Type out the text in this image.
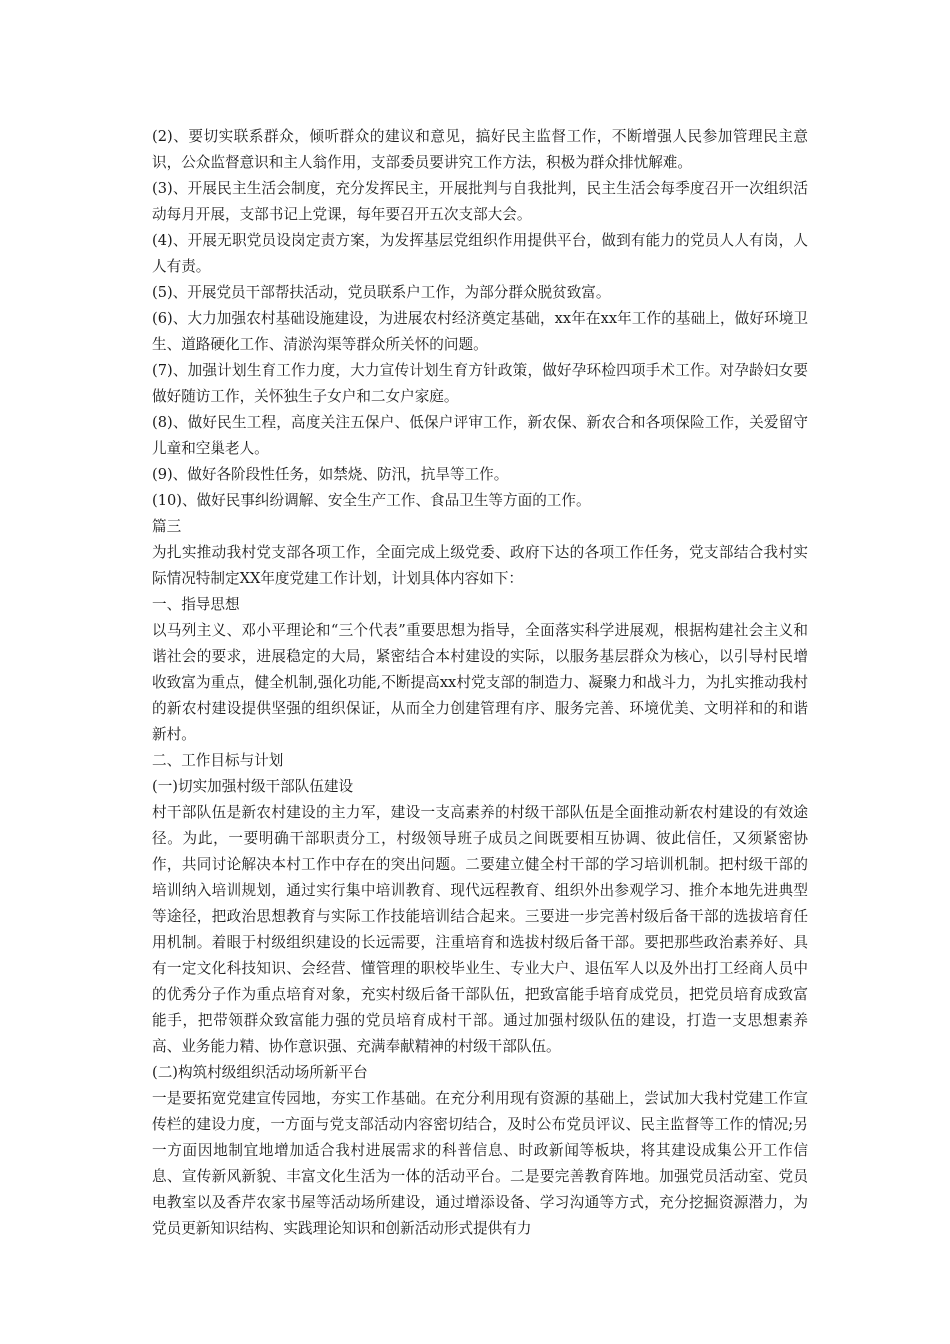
(2)、要切实联系群众，倾听群众的建议和意见，搞好民主监督工作，不断增强人民参加管理民主意识，公众监督意识和主人翁作用，支部委员要讲究工作方法，积极为群众排忧解难。

(3)、开展民主生活会制度，充分发挥民主，开展批判与自我批判，民主生活会每季度召开一次组织活动每月开展，支部书记上党课，每年要召开五次支部大会。

(4)、开展无职党员设岗定责方案，为发挥基层党组织作用提供平台，做到有能力的党员人人有岗，人人有责。

(5)、开展党员干部帮扶活动，党员联系户工作，为部分群众脱贫致富。

(6)、大力加强农村基础设施建设，为进展农村经济奠定基础，xx年在xx年工作的基础上，做好环境卫生、道路硬化工作、清淤沟渠等群众所关怀的问题。

(7)、加强计划生育工作力度，大力宣传计划生育方针政策，做好孕环检四项手术工作。对孕龄妇女要做好随访工作，关怀独生子女户和二女户家庭。

(8)、做好民生工程，高度关注五保户、低保户评审工作，新农保、新农合和各项保险工作，关爱留守儿童和空巢老人。

(9)、做好各阶段性任务，如禁烧、防汛，抗旱等工作。

(10)、做好民事纠纷调解、安全生产工作、食品卫生等方面的工作。

篇三

为扎实推动我村党支部各项工作，全面完成上级党委、政府下达的各项工作任务，党支部结合我村实际情况特制定XX年度党建工作计划，计划具体内容如下：

一、指导思想

以马列主义、邓小平理论和“三个代表”重要思想为指导，全面落实科学进展观，根据构建社会主义和谐社会的要求，进展稳定的大局，紧密结合本村建设的实际，以服务基层群众为核心，以引导村民增收致富为重点，健全机制,强化功能,不断提高xx村党支部的制造力、凝聚力和战斗力，为扎实推动我村的新农村建设提供坚强的组织保证，从而全力创建管理有序、服务完善、环境优美、文明祥和的和谐新村。

二、工作目标与计划

(一)切实加强村级干部队伍建设

村干部队伍是新农村建设的主力军，建设一支高素养的村级干部队伍是全面推动新农村建设的有效途径。为此，一要明确干部职责分工，村级领导班子成员之间既要相互协调、彼此信任，又须紧密协作，共同讨论解决本村工作中存在的突出问题。二要建立健全村干部的学习培训机制。把村级干部的培训纳入培训规划，通过实行集中培训教育、现代远程教育、组织外出参观学习、推介本地先进典型等途径，把政治思想教育与实际工作技能培训结合起来。三要进一步完善村级后备干部的选拔培育任用机制。着眼于村级组织建设的长远需要，注重培育和选拔村级后备干部。要把那些政治素养好、具有一定文化科技知识、会经营、懂管理的职校毕业生、专业大户、退伍军人以及外出打工经商人员中的优秀分子作为重点培育对象，充实村级后备干部队伍，把致富能手培育成党员，把党员培育成致富能手，把带领群众致富能力强的党员培育成村干部。通过加强村级队伍的建设，打造一支思想素养高、业务能力精、协作意识强、充满奉献精神的村级干部队伍。

(二)构筑村级组织活动场所新平台

一是要拓宽党建宣传园地，夯实工作基础。在充分利用现有资源的基础上，尝试加大我村党建工作宣传栏的建设力度，一方面与党支部活动内容密切结合，及时公布党员评议、民主监督等工作的情况;另一方面因地制宜地增加适合我村进展需求的科普信息、时政新闻等板块，将其建设成集公开工作信息、宣传新风新貌、丰富文化生活为一体的活动平台。二是要完善教育阵地。加强党员活动室、党员电教室以及香芹农家书屋等活动场所建设，通过增添设备、学习沟通等方式，充分挖掘资源潜力，为党员更新知识结构、实践理论知识和创新活动形式提供有力
